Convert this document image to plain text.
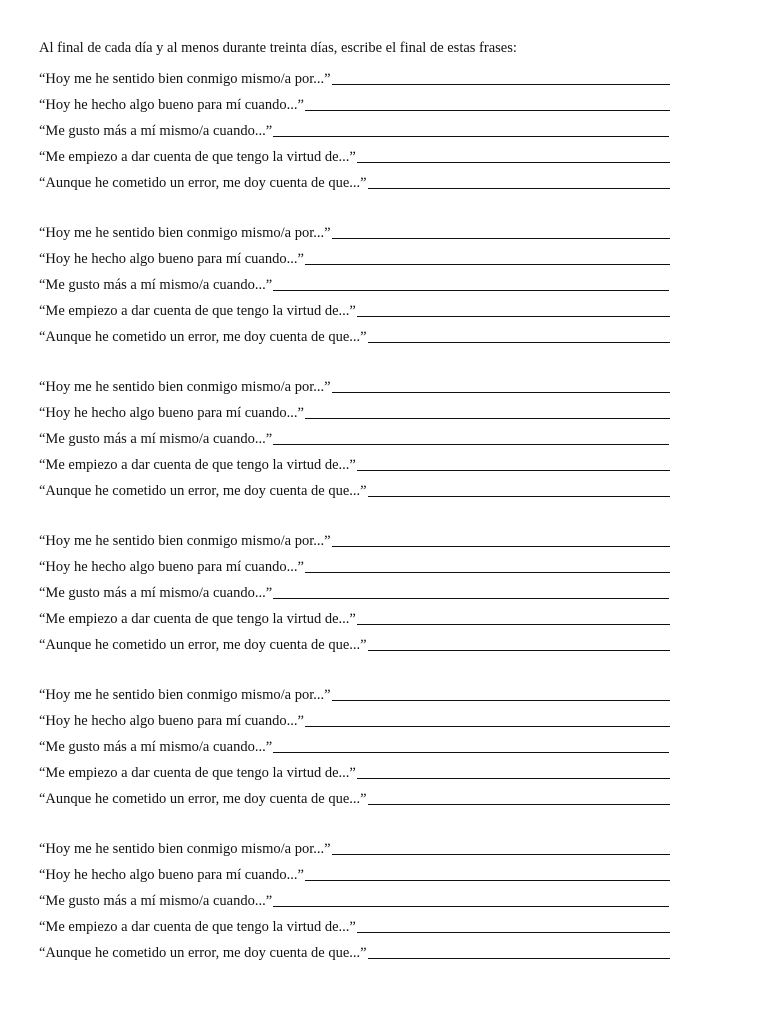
Al final de cada día y al menos durante treinta días, escribe el final de estas frases:
“Hoy me he sentido bien conmigo mismo/a por...”
“Hoy he hecho algo bueno para mí cuando...”
“Me gusto más a mí mismo/a cuando...”
“Me empiezo a dar cuenta de que tengo la virtud de...”
“Aunque he cometido un error, me doy cuenta de que...”
“Hoy me he sentido bien conmigo mismo/a por...”
“Hoy he hecho algo bueno para mí cuando...”
“Me gusto más a mí mismo/a cuando...”
“Me empiezo a dar cuenta de que tengo la virtud de...”
“Aunque he cometido un error, me doy cuenta de que...”
“Hoy me he sentido bien conmigo mismo/a por...”
“Hoy he hecho algo bueno para mí cuando...”
“Me gusto más a mí mismo/a cuando...”
“Me empiezo a dar cuenta de que tengo la virtud de...”
“Aunque he cometido un error, me doy cuenta de que...”
“Hoy me he sentido bien conmigo mismo/a por...”
“Hoy he hecho algo bueno para mí cuando...”
“Me gusto más a mí mismo/a cuando...”
“Me empiezo a dar cuenta de que tengo la virtud de...”
“Aunque he cometido un error, me doy cuenta de que...”
“Hoy me he sentido bien conmigo mismo/a por...”
“Hoy he hecho algo bueno para mí cuando...”
“Me gusto más a mí mismo/a cuando...”
“Me empiezo a dar cuenta de que tengo la virtud de...”
“Aunque he cometido un error, me doy cuenta de que...”
“Hoy me he sentido bien conmigo mismo/a por...”
“Hoy he hecho algo bueno para mí cuando...”
“Me gusto más a mí mismo/a cuando...”
“Me empiezo a dar cuenta de que tengo la virtud de...”
“Aunque he cometido un error, me doy cuenta de que...”
